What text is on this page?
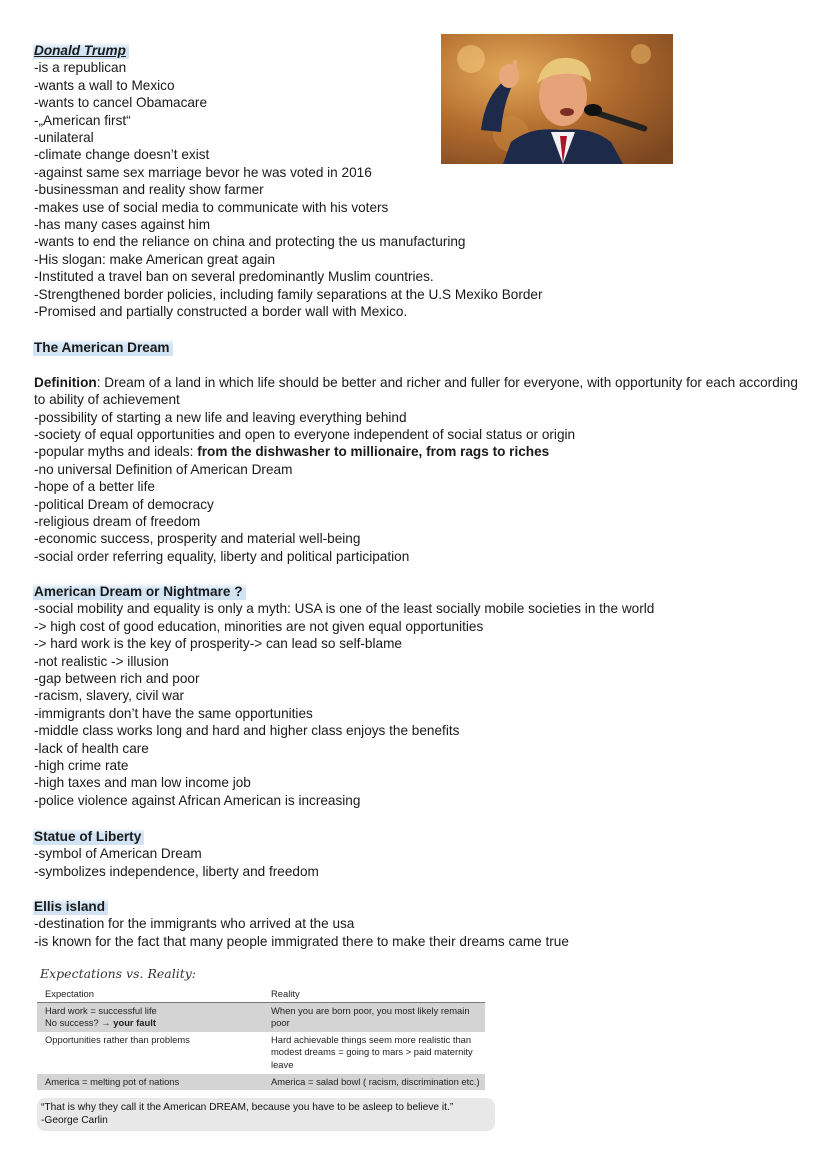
Donald Trump
-is a republican
-wants a wall to Mexico
-wants to cancel Obamacare
-„American first“
-unilateral
-climate change doesn’t exist
-against same sex marriage bevor he was voted in 2016
-businessman and reality show farmer
-makes use of social media to communicate with his voters
-has many cases against him
-wants to end the reliance on china and protecting the us manufacturing
-His slogan: make American great again
-Instituted a travel ban on several predominantly Muslim countries.
-Strengthened border policies, including family separations at the U.S Mexiko Border
-Promised and partially constructed a border wall with Mexico.
The American Dream
Definition: Dream of a land in which life should be better and richer and fuller for everyone, with opportunity for each according to ability of achievement
-possibility of starting a new life and leaving everything behind
-society of equal opportunities and open to everyone independent of social status or origin
-popular myths and ideals: from the dishwasher to millionaire, from rags to riches
-no universal Definition of American Dream
-hope of a better life
-political Dream of democracy
-religious dream of freedom
-economic success, prosperity and material well-being
-social order referring equality, liberty and political participation
American Dream or Nightmare ?
-social mobility and equality is only a myth: USA is one of the least socially mobile societies in the world
-> high cost of good education, minorities are not given equal opportunities
-> hard work is the key of prosperity-> can lead so self-blame
-not realistic -> illusion
-gap between rich and poor
-racism, slavery, civil war
-immigrants don’t have the same opportunities
-middle class works long and hard and higher class enjoys the benefits
-lack of health care
-high crime rate
-high taxes and man low income job
-police violence against African American is increasing
Statue of Liberty
-symbol of American Dream
-symbolizes independence, liberty and freedom
Ellis island
-destination for the immigrants who arrived at the usa
-is known for the fact that many people immigrated there to make their dreams came true
Expectations vs. Reality:
Expectation	Reality

Hard work = successful life
No success? → your fault	When you are born poor, you most likely remain poor
Opportunities rather than problems	Hard achievable things seem more realistic than modest dreams = going to mars > paid maternity leave
America = melting pot of nations	America = salad bowl ( racism, discrimination etc.)
“That is why they call it the American DREAM, because you have to be asleep to believe it.”
-George Carlin
